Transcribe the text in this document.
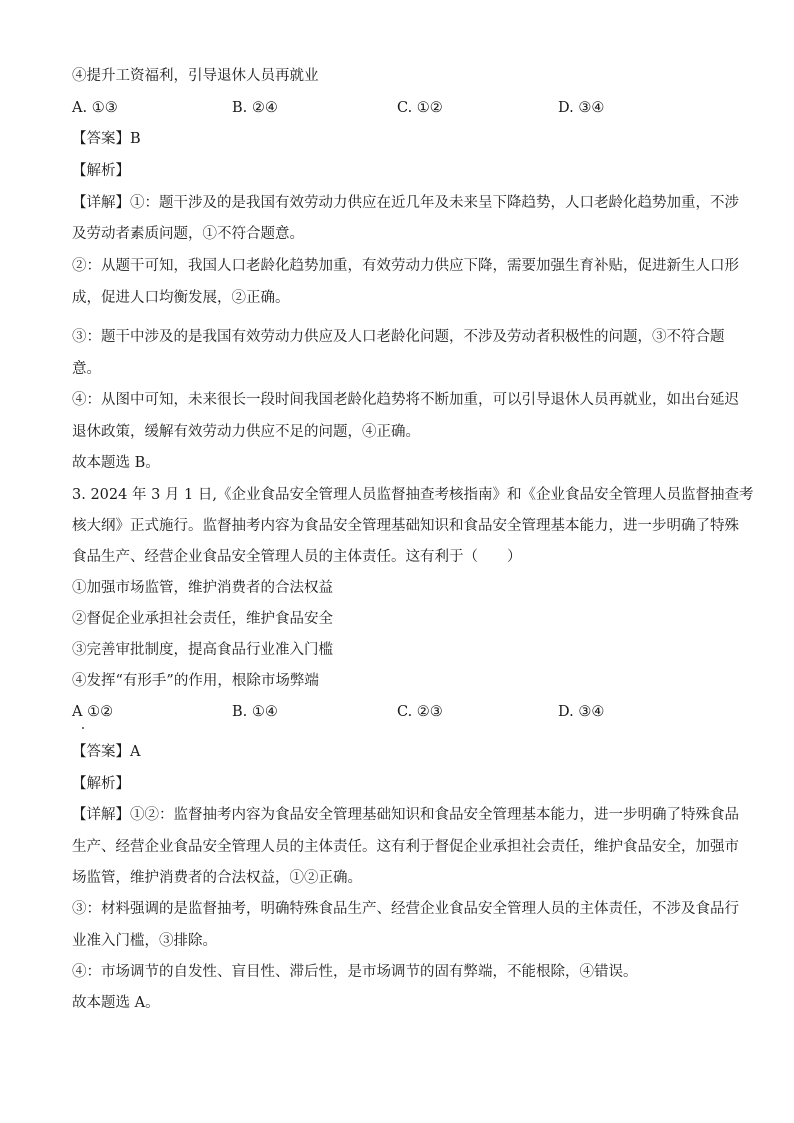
④提升工资福利，引导退休人员再就业
A. ①③	B. ②④	C. ①②	D. ③④
【答案】B
【解析】
【详解】①：题干涉及的是我国有效劳动力供应在近几年及未来呈下降趋势，人口老龄化趋势加重，不涉
及劳动者素质问题，①不符合题意。
②：从题干可知，我国人口老龄化趋势加重，有效劳动力供应下降，需要加强生育补贴，促进新生人口形
成，促进人口均衡发展，②正确。
③：题干中涉及的是我国有效劳动力供应及人口老龄化问题，不涉及劳动者积极性的问题，③不符合题
意。
④：从图中可知，未来很长一段时间我国老龄化趋势将不断加重，可以引导退休人员再就业，如出台延迟
退休政策，缓解有效劳动力供应不足的问题，④正确。
故本题选 B。
3. 2024 年 3 月 1 日,《企业食品安全管理人员监督抽查考核指南》和《企业食品安全管理人员监督抽查考
核大纲》正式施行。监督抽考内容为食品安全管理基础知识和食品安全管理基本能力，进一步明确了特殊
食品生产、经营企业食品安全管理人员的主体责任。这有利于（　　）
①加强市场监管，维护消费者的合法权益
②督促企业承担社会责任，维护食品安全
③完善审批制度，提高食品行业准入门槛
④发挥“有形手”的作用，根除市场弊端
A ①②	B. ①④	C. ②③	D. ③④
【答案】A
【解析】
【详解】①②：监督抽考内容为食品安全管理基础知识和食品安全管理基本能力，进一步明确了特殊食品
生产、经营企业食品安全管理人员的主体责任。这有利于督促企业承担社会责任，维护食品安全，加强市
场监管，维护消费者的合法权益，①②正确。
③：材料强调的是监督抽考，明确特殊食品生产、经营企业食品安全管理人员的主体责任，不涉及食品行
业准入门槛，③排除。
④：市场调节的自发性、盲目性、滞后性，是市场调节的固有弊端，不能根除，④错误。
故本题选 A。
